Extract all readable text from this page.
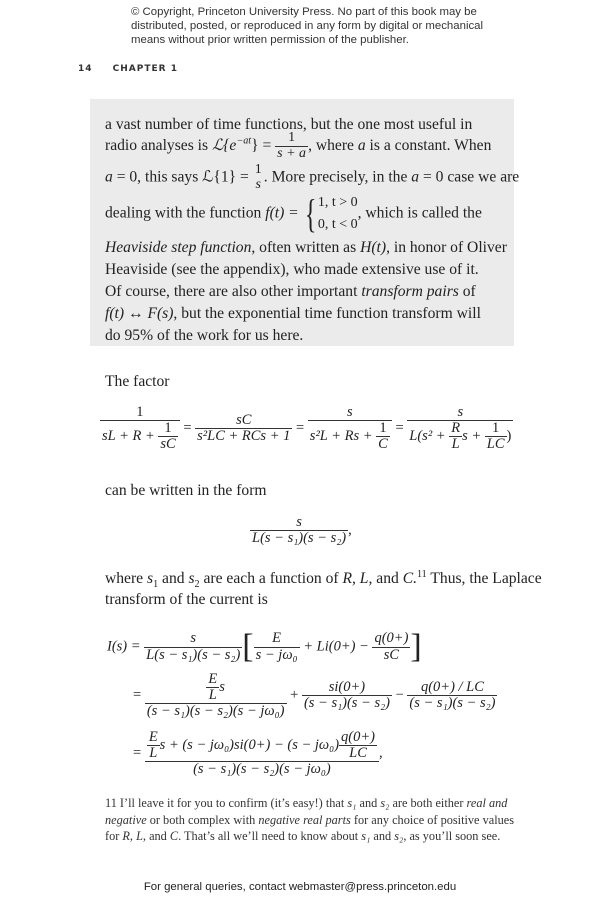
© Copyright, Princeton University Press. No part of this book may be distributed, posted, or reproduced in any form by digital or mechanical means without prior written permission of the publisher.
14 CHAPTER 1
a vast number of time functions, but the one most useful in
radio analyses is $ℒ\{e^{-at}\} = \frac{1}{s + a}$ , where a is a constant. When
a = 0, this says ℒ{1} = 1
s . More precisely, in the a = 0 case we are
dealing with the function f(t) = { 1, t > 0
0, t < 0
, which is called the
Heaviside step function, often written as H(t), in honor of Oliver
Heaviside (see the appendix), who made extensive use of it.
Of course, there are also other important transform pairs of
f(t) ↔ F(s), but the exponential time function transform will
do 95% of the work for us here.
The factor
$\frac{1}{sL + R + \frac{1}{sC}} = \frac{sC}{\text{s²LC + RCs + 1}} = \frac{s}{s^2L + Rs + \frac{1}{C}} = \frac{s}{L(s^2 + \frac{R}{L} s + \frac{1}{LC} )}$
can be written in the form
$\frac{s}{\text{L(s − s₁)(s − s₂)}}$ ,
where $s_1$ and $s_2$ are each a function of R, L, and C.$^{11}$ Thus, the Laplace
transform of the current is
$I(s) = \frac{s}{\text{L(s − s₁)(s − s₂)}}$ [ $\frac{E}{\text{s − jω₀}} + Li(0+) - \frac{q(0+)}{sC}$ ]
= $\frac{\frac{E}{L} s}{\text{(s − s₁)(s − s₂)(s − jω₀)}} + \frac{si(0+)}{\text{(s − s₁)(s − s₂)}} - \frac{q(0+) / LC}{\text{(s − s₁)(s − s₂)}}$
= $\frac{\frac{E}{L} s + (s - j\omega_0)si(0+) - (s - j\omega_0) \frac{q(0+)}{LC}}{\text{(s − s₁)(s − s₂)(s − jω₀)}}$ ,
11 I’ll leave it for you to confirm (it’s easy!) that s₁ and s₂ are both either real and negative or both complex with negative real parts for any choice of positive values for R, L, and C. That’s all we’ll need to know about s₁ and s₂, as you’ll soon see.
For general queries, contact webmaster@press.princeton.edu
